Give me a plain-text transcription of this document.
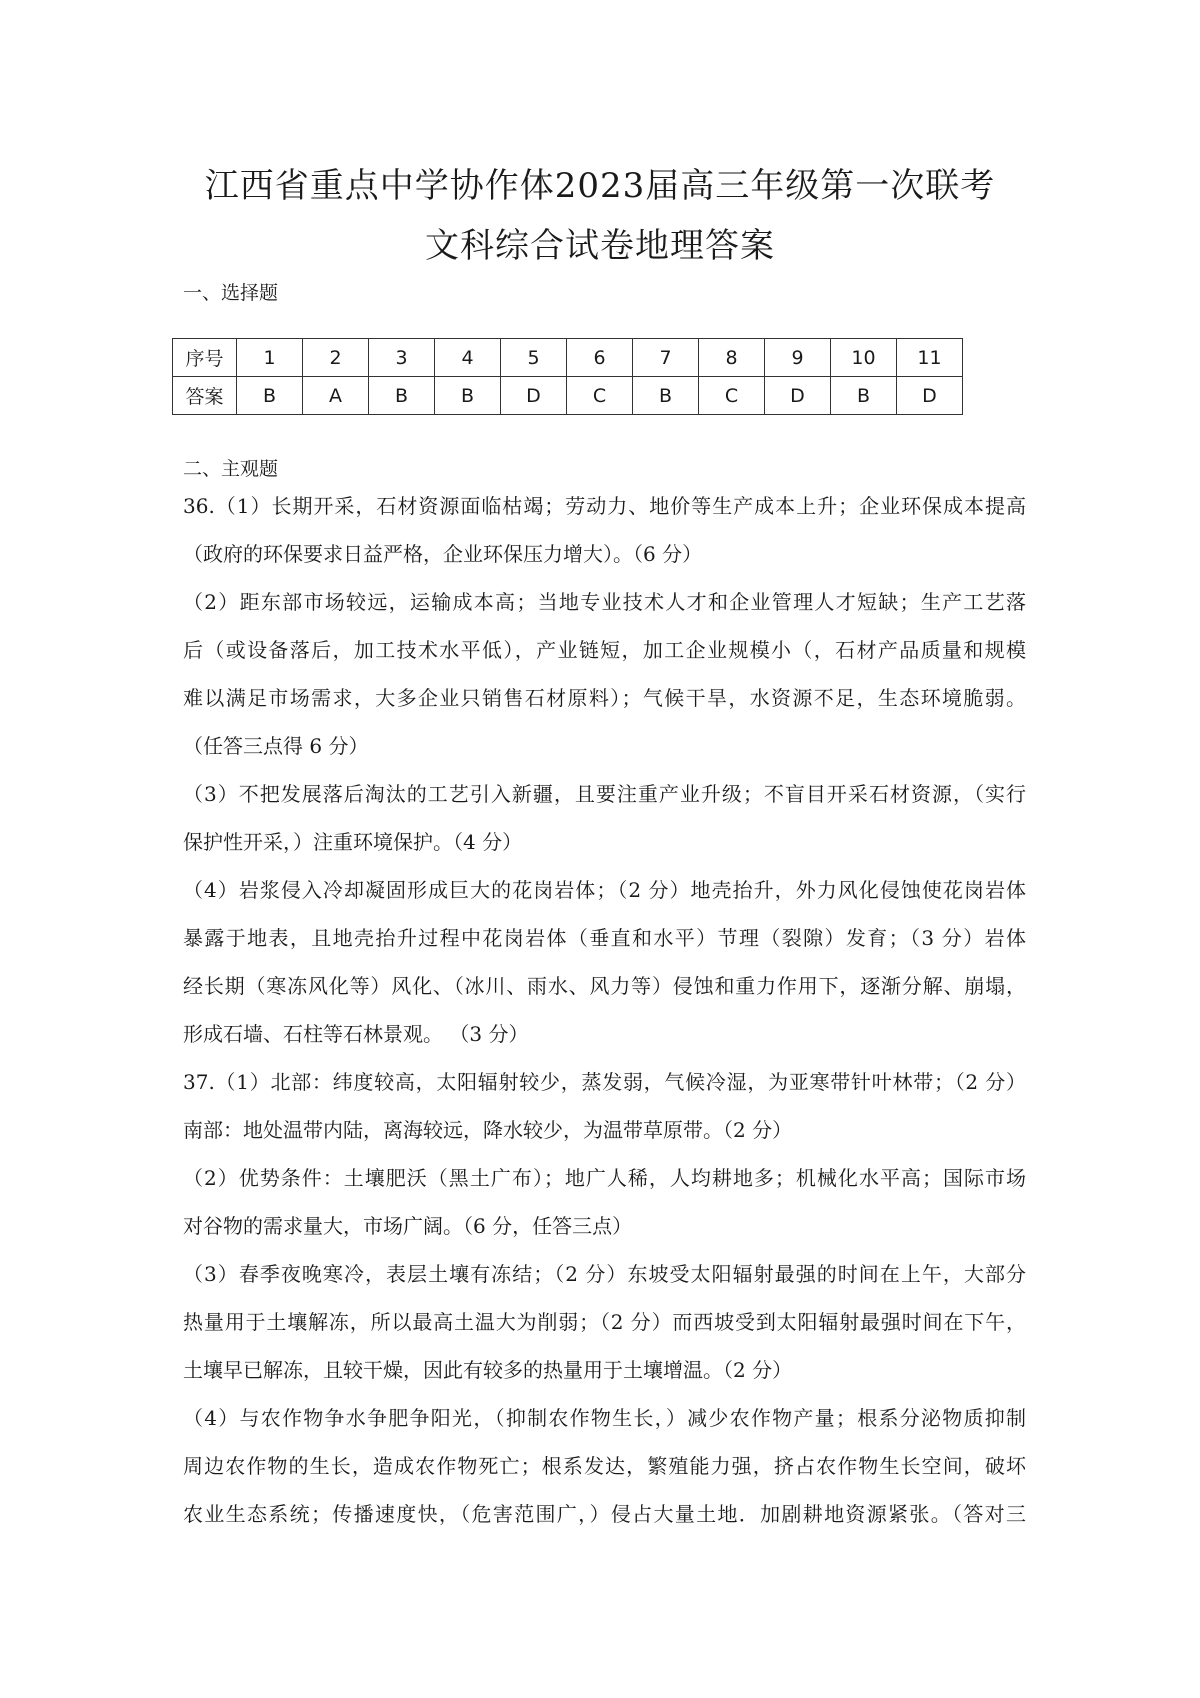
江西省重点中学协作体2023届高三年级第一次联考
文科综合试卷地理答案
一、选择题
序号	1	2	3	4	5	6	7	8	9	10	11
答案	B	A	B	B	D	C	B	C	D	B	D
二、主观题
36.（1）长期开采，石材资源面临枯竭；劳动力、地价等生产成本上升；企业环保成本提高
（政府的环保要求日益严格，企业环保压力增大）。（6 分）
（2）距东部市场较远，运输成本高；当地专业技术人才和企业管理人才短缺；生产工艺落
后（或设备落后，加工技术水平低），产业链短，加工企业规模小（，石材产品质量和规模
难以满足市场需求，大多企业只销售石材原料）；气候干旱，水资源不足，生态环境脆弱。
（任答三点得 6 分）
（3）不把发展落后淘汰的工艺引入新疆，且要注重产业升级；不盲目开采石材资源，（实行
保护性开采，）注重环境保护。（4 分）
（4）岩浆侵入冷却凝固形成巨大的花岗岩体；（2 分）地壳抬升，外力风化侵蚀使花岗岩体
暴露于地表，且地壳抬升过程中花岗岩体（垂直和水平）节理（裂隙）发育；（3 分）岩体
经长期（寒冻风化等）风化、（冰川、雨水、风力等）侵蚀和重力作用下，逐渐分解、崩塌，
形成石墙、石柱等石林景观。 （3 分）
37.（1）北部：纬度较高，太阳辐射较少，蒸发弱，气候冷湿，为亚寒带针叶林带；（2 分）
南部：地处温带内陆，离海较远，降水较少，为温带草原带。（2 分）
（2）优势条件：土壤肥沃（黑土广布）；地广人稀，人均耕地多；机械化水平高；国际市场
对谷物的需求量大，市场广阔。（6 分，任答三点）
（3）春季夜晚寒冷，表层土壤有冻结；（2 分）东坡受太阳辐射最强的时间在上午，大部分
热量用于土壤解冻，所以最高土温大为削弱；（2 分）而西坡受到太阳辐射最强时间在下午，
土壤早已解冻，且较干燥，因此有较多的热量用于土壤增温。（2 分）
（4）与农作物争水争肥争阳光，（抑制农作物生长，）减少农作物产量；根系分泌物质抑制
周边农作物的生长，造成农作物死亡；根系发达，繁殖能力强，挤占农作物生长空间，破坏
农业生态系统；传播速度快，（危害范围广，）侵占大量土地．加剧耕地资源紧张。（答对三
